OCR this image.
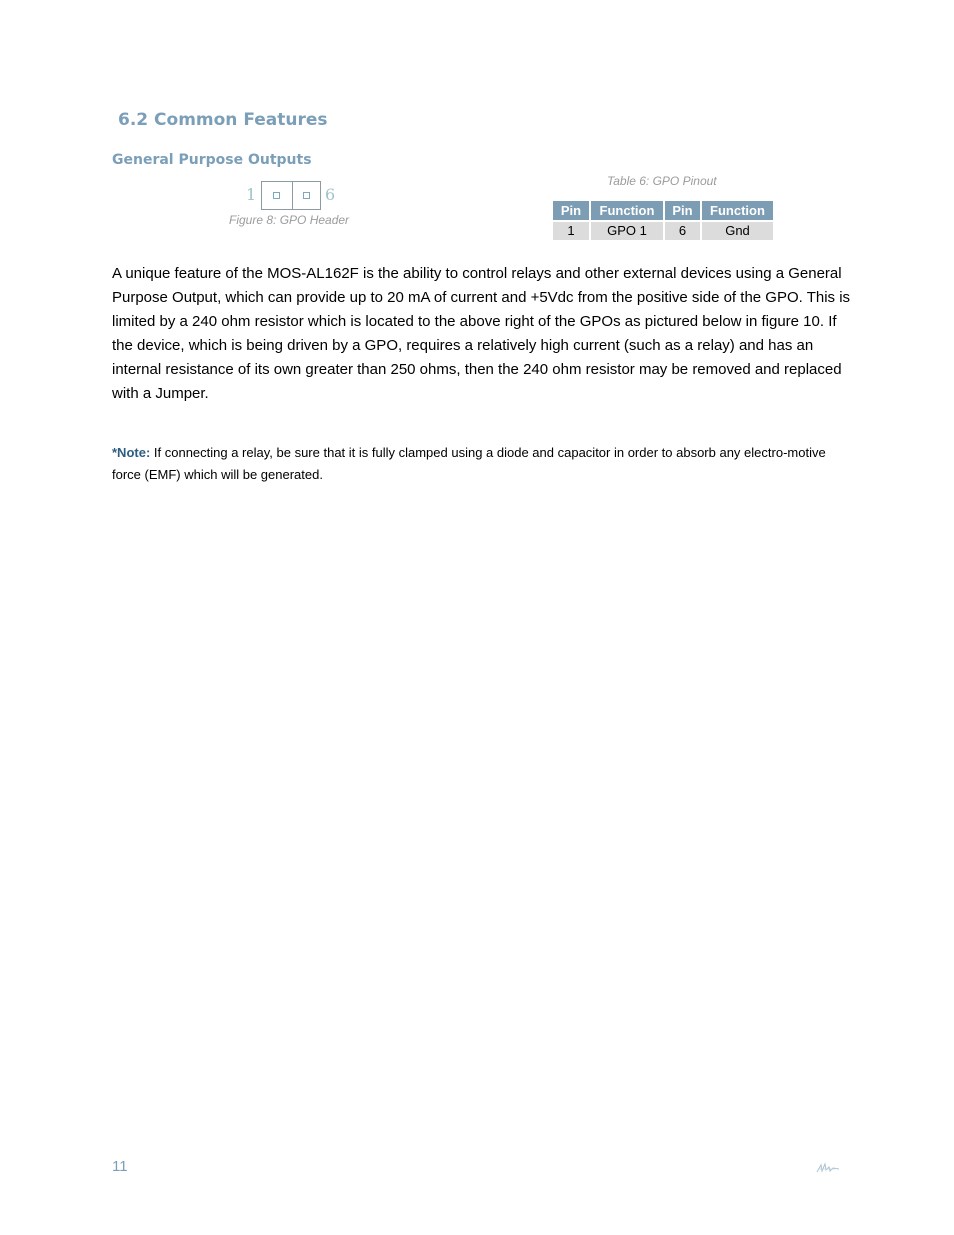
6.2 Common Features
General Purpose Outputs
1	6
Figure 8: GPO Header
Table 6: GPO Pinout
Pin	Function	Pin	Function
1	GPO 1	6	Gnd
A unique feature of the MOS-AL162F is the ability to control relays and other external devices using a General Purpose Output, which can provide up to 20 mA of current and +5Vdc from the positive side of the GPO. This is limited by a 240 ohm resistor which is located to the above right of the GPOs as pictured below in figure 10. If the device, which is being driven by a GPO, requires a relatively high current (such as a relay) and has an internal resistance of its own greater than 250 ohms, then the 240 ohm resistor may be removed and replaced with a Jumper.
*Note: If connecting a relay, be sure that it is fully clamped using a diode and capacitor in order to absorb any electro-motive force (EMF) which will be generated.
11
